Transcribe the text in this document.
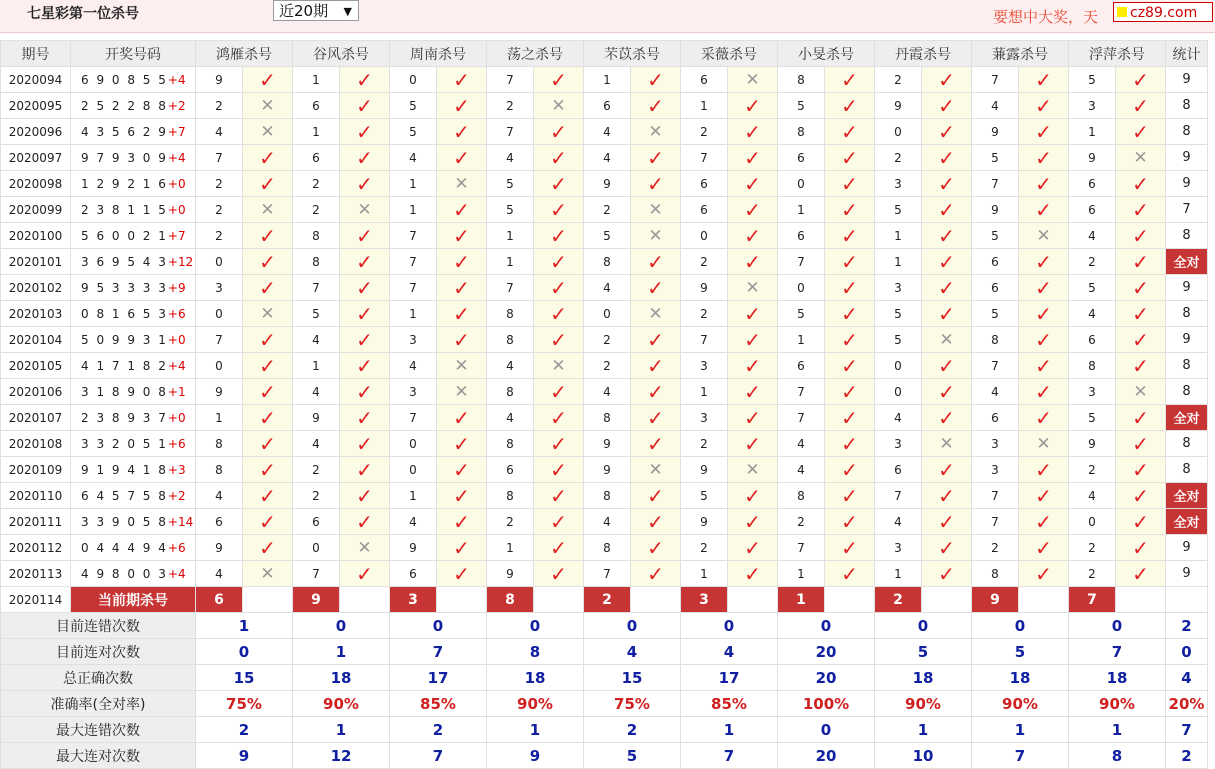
七星彩第一位杀号	近20期 ▼	要想中大奖，天	cz89.com
期号	开奖号码	鸿雁杀号		谷风杀号		周南杀号		荡之杀号		芣苡杀号		采薇杀号		小旻杀号		丹霞杀号		蒹露杀号		浮萍杀号		统计
2020094	6 9 0 8 5 5+4	9	✓	1	✓	0	✓	7	✓	1	✓	6	✕	8	✓	2	✓	7	✓	5	✓	9
2020095	2 5 2 2 8 8+2	2	✕	6	✓	5	✓	2	✕	6	✓	1	✓	5	✓	9	✓	4	✓	3	✓	8
2020096	4 3 5 6 2 9+7	4	✕	1	✓	5	✓	7	✓	4	✕	2	✓	8	✓	0	✓	9	✓	1	✓	8
2020097	9 7 9 3 0 9+4	7	✓	6	✓	4	✓	4	✓	4	✓	7	✓	6	✓	2	✓	5	✓	9	✕	9
2020098	1 2 9 2 1 6+0	2	✓	2	✓	1	✕	5	✓	9	✓	6	✓	0	✓	3	✓	7	✓	6	✓	9
2020099	2 3 8 1 1 5+0	2	✕	2	✕	1	✓	5	✓	2	✕	6	✓	1	✓	5	✓	9	✓	6	✓	7
2020100	5 6 0 0 2 1+7	2	✓	8	✓	7	✓	1	✓	5	✕	0	✓	6	✓	1	✓	5	✕	4	✓	8
2020101	3 6 9 5 4 3+12	0	✓	8	✓	7	✓	1	✓	8	✓	2	✓	7	✓	1	✓	6	✓	2	✓	全对
2020102	9 5 3 3 3 3+9	3	✓	7	✓	7	✓	7	✓	4	✓	9	✕	0	✓	3	✓	6	✓	5	✓	9
2020103	0 8 1 6 5 3+6	0	✕	5	✓	1	✓	8	✓	0	✕	2	✓	5	✓	5	✓	5	✓	4	✓	8
2020104	5 0 9 9 3 1+0	7	✓	4	✓	3	✓	8	✓	2	✓	7	✓	1	✓	5	✕	8	✓	6	✓	9
2020105	4 1 7 1 8 2+4	0	✓	1	✓	4	✕	4	✕	2	✓	3	✓	6	✓	0	✓	7	✓	8	✓	8
2020106	3 1 8 9 0 8+1	9	✓	4	✓	3	✕	8	✓	4	✓	1	✓	7	✓	0	✓	4	✓	3	✕	8
2020107	2 3 8 9 3 7+0	1	✓	9	✓	7	✓	4	✓	8	✓	3	✓	7	✓	4	✓	6	✓	5	✓	全对
2020108	3 3 2 0 5 1+6	8	✓	4	✓	0	✓	8	✓	9	✓	2	✓	4	✓	3	✕	3	✕	9	✓	8
2020109	9 1 9 4 1 8+3	8	✓	2	✓	0	✓	6	✓	9	✕	9	✕	4	✓	6	✓	3	✓	2	✓	8
2020110	6 4 5 7 5 8+2	4	✓	2	✓	1	✓	8	✓	8	✓	5	✓	8	✓	7	✓	7	✓	4	✓	全对
2020111	3 3 9 0 5 8+14	6	✓	6	✓	4	✓	2	✓	4	✓	9	✓	2	✓	4	✓	7	✓	0	✓	全对
2020112	0 4 4 4 9 4+6	9	✓	0	✕	9	✓	1	✓	8	✓	2	✓	7	✓	3	✓	2	✓	2	✓	9
2020113	4 9 8 0 0 3+4	4	✕	7	✓	6	✓	9	✓	7	✓	1	✓	1	✓	1	✓	8	✓	2	✓	9
2020114	当前期杀号	6		9		3		8		2		3		1		2		9		7		
目前连错次数		1		0		0		0		0		0		0		0		0		0		2
目前连对次数		0		1		7		8		4		4		20		5		5		7		0
总正确次数		15		18		17		18		15		17		20		18		18		18		4
准确率(全对率)		75%		90%		85%		90%		75%		85%		100%		90%		90%		90%		20%
最大连错次数		2		1		2		1		2		1		0		1		1		1		7
最大连对次数		9		12		7		9		5		7		20		10		7		8		2
